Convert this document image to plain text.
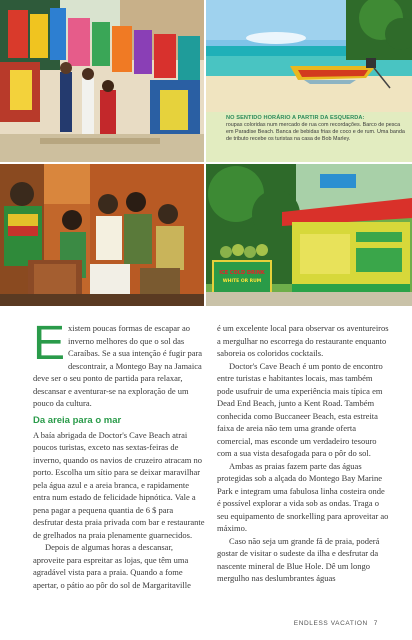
NO SENTIDO HORÁRIO A PARTIR DA ESQUERDA:
roupas coloridas num mercado de rua com recordações. Barco de pesca em Paradise Beach. Banca de bebidas frias de coco e de rum. Uma banda de tributo recebe os turistas na casa de Bob Marley.
ICE COLD DRINK
WHITE OR RUM

Existem poucas formas de escapar ao inverno melhores do que o sol das Caraíbas. Se a sua intenção é fugir para descontrair, a Montego Bay na Jamaica deve ser o seu ponto de partida para relaxar, descansar e aventurar-se na exploração de um pouco da cultura.

Da areia para o mar

A baía abrigada de Doctor's Cave Beach atrai poucos turistas, exceto nas sextas-feiras de inverno, quando os navios de cruzeiro atracam no porto. Escolha um sítio para se deixar maravilhar pela água azul e a areia branca, e rapidamente entra num estado de felicidade hipnótica. Vale a pena pagar a pequena quantia de 6 $ para desfrutar desta praia privada com bar e restaurante de grelhados na praia plenamente guarnecidos.

Depois de algumas horas a descansar, aproveite para espreitar as lojas, que têm uma agradável vista para a praia. Quando a fome apertar, o pátio ao pôr do sol de Margaritaville

é um excelente local para observar os aventureiros a mergulhar no escorrega do restaurante enquanto saboreia os coloridos cocktails.

Doctor's Cave Beach é um ponto de encontro entre turistas e habitantes locais, mas também pode usufruir de uma experiência mais típica em Dead End Beach, junto a Kent Road. Também conhecida como Buccaneer Beach, esta estreita faixa de areia não tem uma grande oferta comercial, mas esconde um verdadeiro tesouro com a sua vista desafogada para o pôr do sol.

Ambas as praias fazem parte das águas protegidas sob a alçada do Montego Bay Marine Park e integram uma fabulosa linha costeira onde é possível explorar a vida sob as ondas. Traga o seu equipamento de snorkelling para aproveitar ao máximo.

Caso não seja um grande fã de praia, poderá gostar de visitar o sudeste da ilha e desfrutar da nascente mineral de Blue Hole. Dê um longo mergulho nas deslumbrantes águas

ENDLESS VACATION 7
